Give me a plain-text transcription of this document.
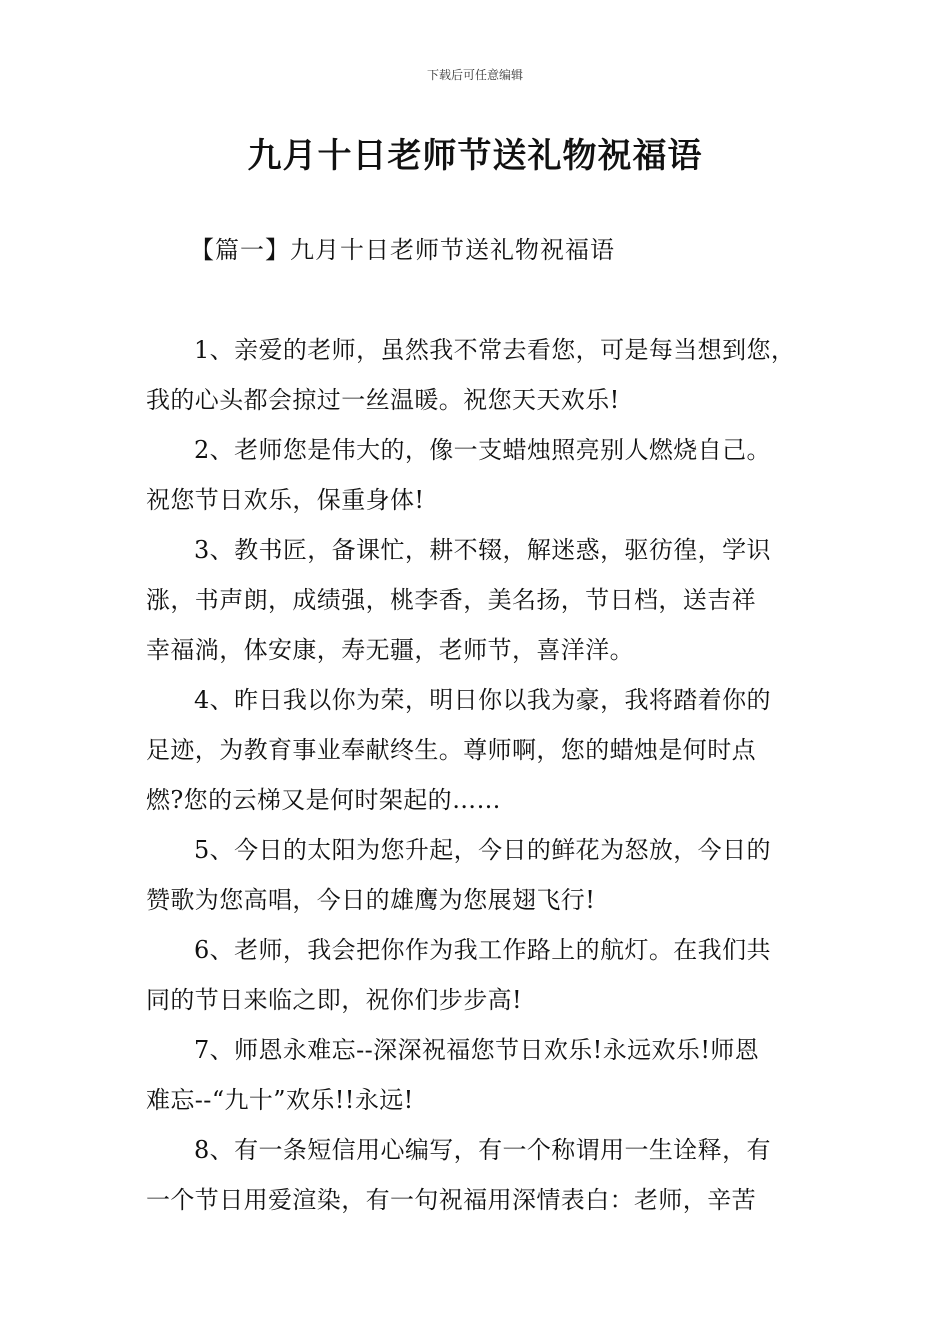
下载后可任意编辑
九月十日老师节送礼物祝福语
【篇一】九月十日老师节送礼物祝福语

1、亲爱的老师，虽然我不常去看您，可是每当想到您，
我的心头都会掠过一丝温暖。祝您天天欢乐!

2、老师您是伟大的，像一支蜡烛照亮别人燃烧自己。
祝您节日欢乐，保重身体!

3、教书匠，备课忙，耕不辍，解迷惑，驱彷徨，学识
涨，书声朗，成绩强，桃李香，美名扬，节日档，送吉祥
幸福淌，体安康，寿无疆，老师节，喜洋洋。

4、昨日我以你为荣，明日你以我为豪，我将踏着你的
足迹，为教育事业奉献终生。尊师啊，您的蜡烛是何时点
燃?您的云梯又是何时架起的……

5、今日的太阳为您升起，今日的鲜花为怒放，今日的
赞歌为您高唱，今日的雄鹰为您展翅飞行!

6、老师，我会把你作为我工作路上的航灯。在我们共
同的节日来临之即，祝你们步步高!

7、师恩永难忘--深深祝福您节日欢乐!永远欢乐!师恩
难忘--“九十”欢乐!!永远!

8、有一条短信用心编写，有一个称谓用一生诠释，有
一个节日用爱渲染，有一句祝福用深情表白：老师，辛苦
